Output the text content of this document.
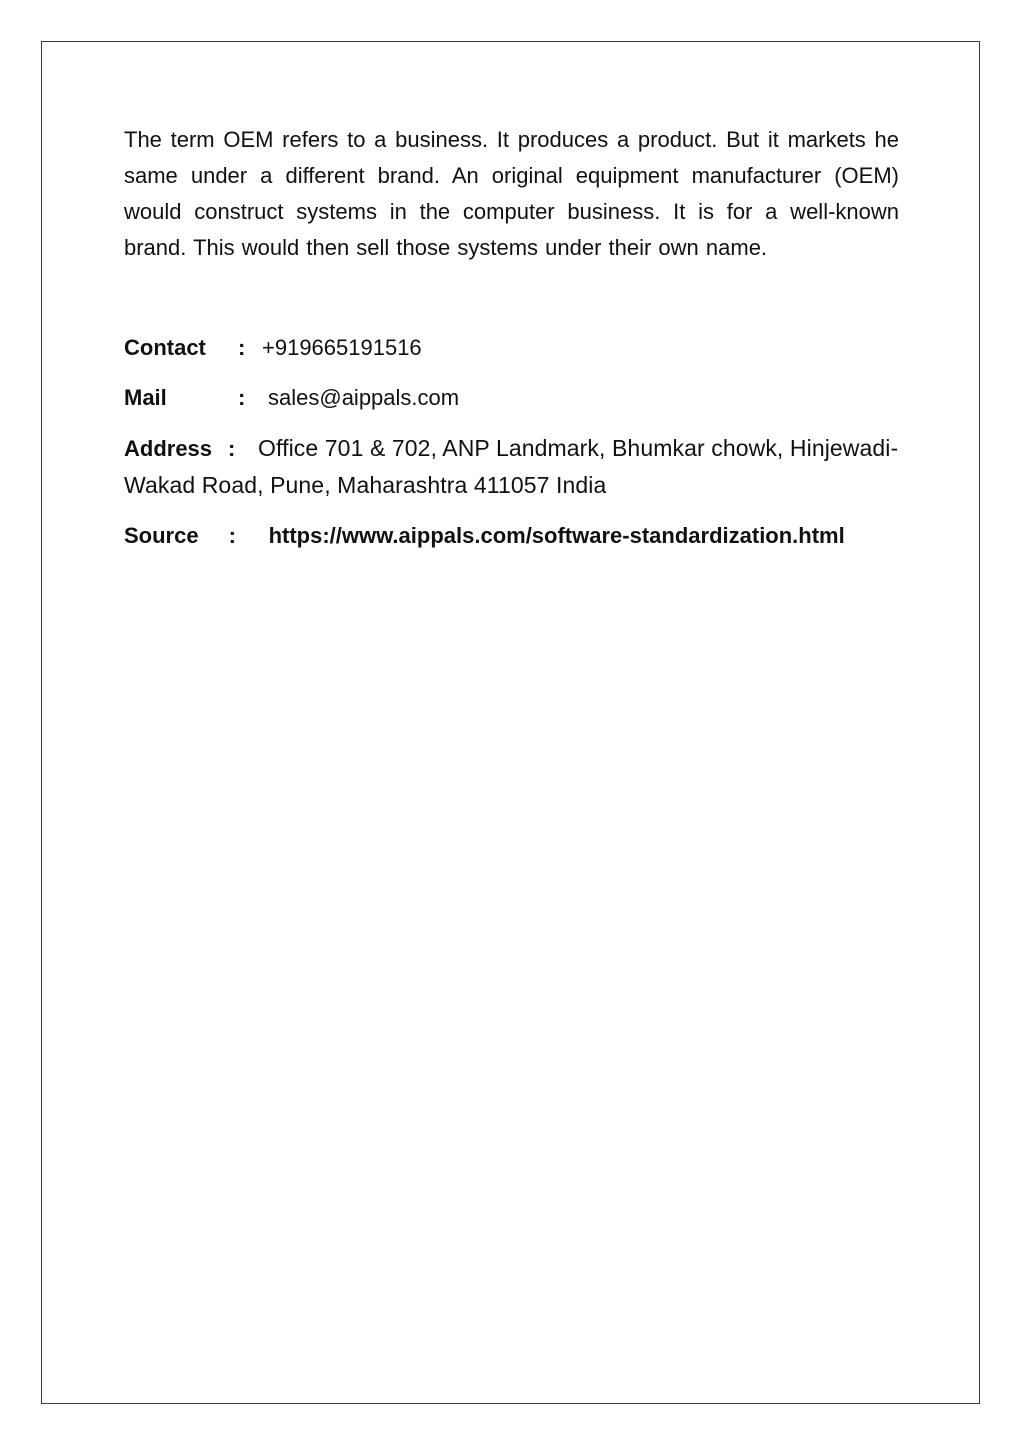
The term OEM refers to a business. It produces a product. But it markets he same under a different brand. An original equipment manufacturer (OEM) would construct systems in the computer business. It is for a well-known brand. This would then sell those systems under their own name.

Contact : +919665191516
Mail	: sales@aippals.com
Address : Office 701 & 702, ANP Landmark, Bhumkar chowk, Hinjewadi-Wakad Road, Pune, Maharashtra 411057 India
Source : https://www.aippals.com/software-standardization.html
